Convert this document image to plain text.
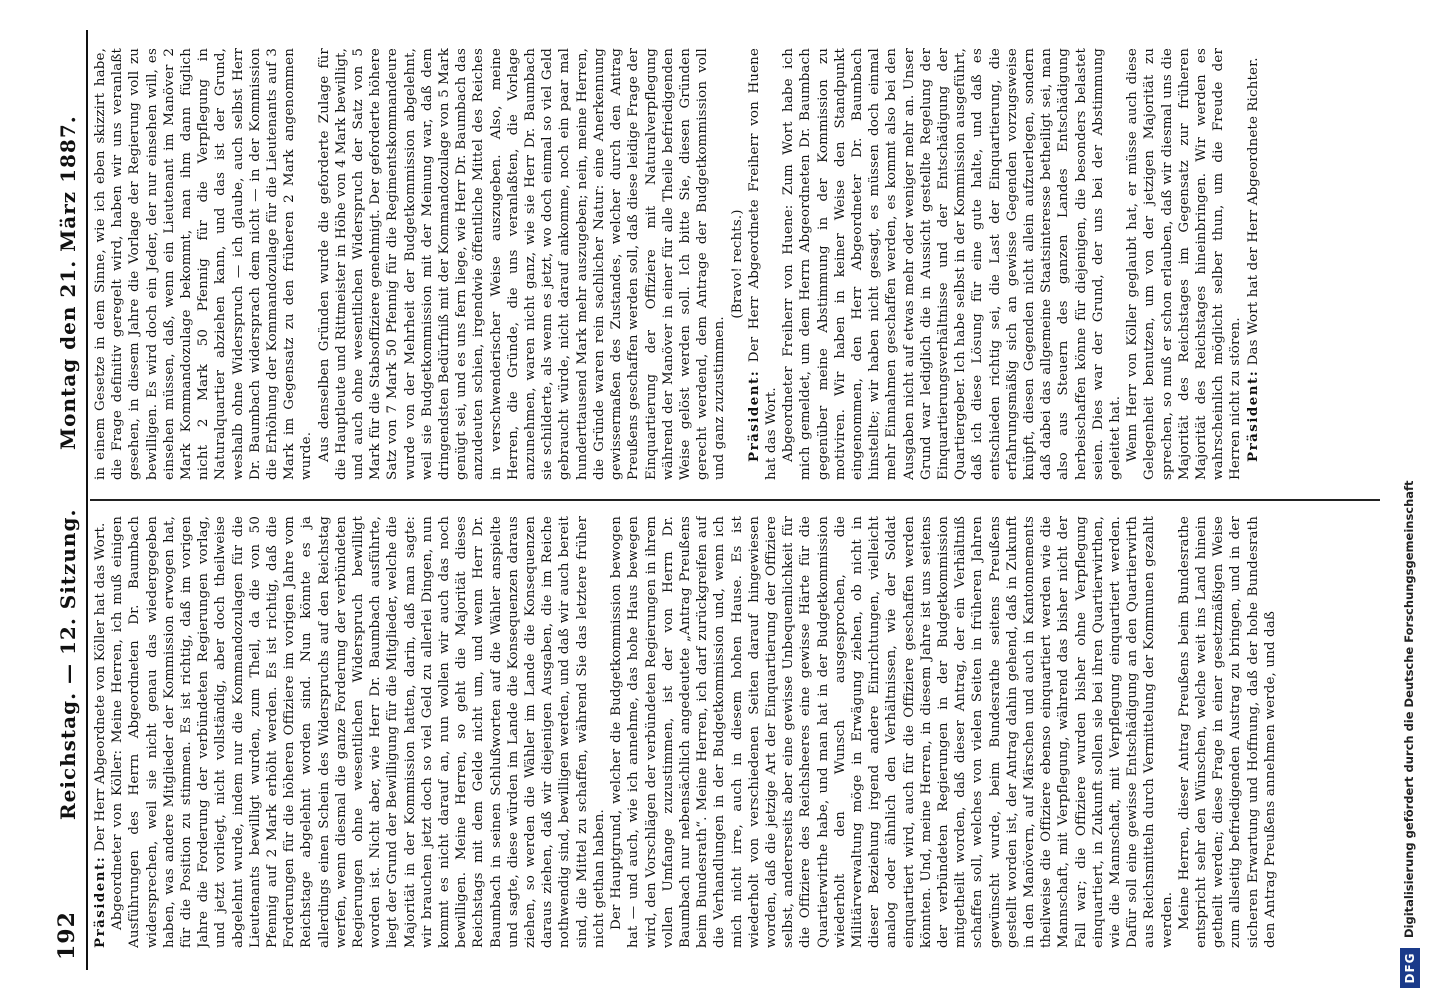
192
Reichstag. — 12. Sitzung.
Montag den 21. März 1887.

Präsident: Der Herr Abgeordnete von Köller hat das Wort. Abgeordneter von Köller: Meine Herren, ich muß einigen Ausführungen des Herrn Abgeordneten Dr. Baumbach widersprechen, weil sie nicht genau das wiedergegeben haben, was andere Mitglieder der Kommission erwogen hat, für die Position zu stimmen. Es ist richtig, daß im vorigen Jahre die Forderung der verbündeten Regierungen vorlag, und jetzt vorliegt, nicht vollständig, aber doch theilweise abgelehnt wurde, indem nur die Kommandozulagen für die Lieutenants bewilligt wurden, zum Theil, da die von 50 Pfennig auf 2 Mark erhöht werden. Es ist richtig, daß die Forderungen für die höheren Offiziere im vorigen Jahre vom Reichstage abgelehnt worden sind. Nun könnte es ja allerdings einen Schein des Widerspruchs auf den Reichstag werfen, wenn diesmal die ganze Forderung der verbündeten Regierungen ohne wesentlichen Widerspruch bewilligt worden ist. Nicht aber, wie Herr Dr. Baumbach ausführte, liegt der Grund der Bewilligung für die Mitglieder, welche die Majorität in der Kommission hatten, darin, daß man sagte: wir brauchen jetzt doch so viel Geld zu allerlei Dingen, nun kommt es nicht darauf an, nun wollen wir auch das noch bewilligen. Meine Herren, so geht die Majorität dieses Reichstags mit dem Gelde nicht um, und wenn Herr Dr. Baumbach in seinen Schlußworten auf die Wähler anspielte und sagte, diese würden im Lande die Konsequenzen daraus ziehen, so werden die Wähler im Lande die Konsequenzen daraus ziehen, daß wir diejenigen Ausgaben, die im Reiche nothwendig sind, bewilligen werden, und daß wir auch bereit sind, die Mittel zu schaffen, während Sie das letztere früher nicht gethan haben. Der Hauptgrund, welcher die Budgetkommission bewogen hat — und auch, wie ich annehme, das hohe Haus bewegen wird, den Vorschlägen der verbündeten Regierungen in ihrem vollen Umfange zuzustimmen, ist der von Herrn Dr. Baumbach nur nebensächlich angedeutete „Antrag Preußens beim Bundesrath“. Meine Herren, ich darf zurückgreifen auf die Verhandlungen in der Budgetkommission und, wenn ich mich nicht irre, auch in diesem hohen Hause. Es ist wiederholt von verschiedenen Seiten darauf hingewiesen worden, daß die jetzige Art der Einquartierung der Offiziere selbst, andererseits aber eine gewisse Unbequemlichkeit für die Offiziere des Reichsheeres eine gewisse Härte für die Quartierwirthe habe, und man hat in der Budgetkommission wiederholt den Wunsch ausgesprochen, die Militärverwaltung möge in Erwägung ziehen, ob nicht in dieser Beziehung irgend andere Einrichtungen, vielleicht analog oder ähnlich den Verhältnissen, wie der Soldat einquartiert wird, auch für die Offiziere geschaffen werden könnten. Und, meine Herren, in diesem Jahre ist uns seitens der verbündeten Regierungen in der Budgetkommission mitgetheilt worden, daß dieser Antrag, der ein Verhältniß schaffen soll, welches von vielen Seiten in früheren Jahren gewünscht wurde, beim Bundesrathe seitens Preußens gestellt worden ist, der Antrag dahin gehend, daß in Zukunft in den Manövern, auf Märschen und auch in Kantonnements theilweise die Offiziere ebenso einquartiert werden wie die Mannschaft, mit Verpflegung, während das bisher nicht der Fall war; die Offiziere wurden bisher ohne Verpflegung einquartiert, in Zukunft sollen sie bei ihren Quartierwirthen, wie die Mannschaft, mit Verpflegung einquartiert werden. Dafür soll eine gewisse Entschädigung an den Quartierwirth aus Reichsmitteln durch Vermittelung der Kommunen gezahlt werden. Meine Herren, dieser Antrag Preußens beim Bundesrathe entspricht sehr den Wünschen, welche weit ins Land hinein getheilt werden; diese Frage in einer gesetzmäßigen Weise zum allseitig befriedigenden Austrag zu bringen, und in der sicheren Erwartung und Hoffnung, daß der hohe Bundesrath den Antrag Preußens annehmen werde, und daß

in einem Gesetze in dem Sinne, wie ich eben skizzirt habe, die Frage definitiv geregelt wird, haben wir uns veranlaßt gesehen, in diesem Jahre die Vorlage der Regierung voll zu bewilligen. Es wird doch ein Jeder, der nur einsehen will, es einsehen müssen, daß, wenn ein Lieutenant im Manöver 2 Mark Kommandozulage bekommt, man ihm dann füglich nicht 2 Mark 50 Pfennig für die Verpflegung in Naturalquartier abziehen kann, und das ist der Grund, weshalb ohne Widerspruch — ich glaube, auch selbst Herr Dr. Baumbach widersprach dem nicht — in der Kommission die Erhöhung der Kommandozulage für die Lieutenants auf 3 Mark im Gegensatz zu den früheren 2 Mark angenommen wurde. Aus denselben Gründen wurde die geforderte Zulage für die Hauptleute und Rittmeister in Höhe von 4 Mark bewilligt, und auch ohne wesentlichen Widerspruch der Satz von 5 Mark für die Stabsoffiziere genehmigt. Der geforderte höhere Satz von 7 Mark 50 Pfennig für die Regimentskommandeure wurde von der Mehrheit der Budgetkommission abgelehnt, weil sie Budgetkommission mit der Meinung war, daß dem dringendsten Bedürfniß mit der Kommandozulage von 5 Mark genügt sei, und es uns fern liege, wie Herr Dr. Baumbach das anzudeuten schien, irgendwie öffentliche Mittel des Reiches in verschwenderischer Weise auszugeben. Also, meine Herren, die Gründe, die uns veranlaßten, die Vorlage anzunehmen, waren nicht ganz, wie sie Herr Dr. Baumbach sie schilderte, als wenn es jetzt, wo doch einmal so viel Geld gebraucht würde, nicht darauf ankomme, noch ein paar mal hunderttausend Mark mehr auszugeben; nein, meine Herren, die Gründe waren rein sachlicher Natur: eine Anerkennung gewissermaßen des Zustandes, welcher durch den Antrag Preußens geschaffen werden soll, daß diese leidige Frage der Einquartierung der Offiziere mit Naturalverpflegung während der Manöver in einer für alle Theile befriedigenden Weise gelöst werden soll. Ich bitte Sie, diesen Gründen gerecht werdend, dem Antrage der Budgetkommission voll und ganz zuzustimmen.

(Bravo! rechts.)

Präsident: Der Herr Abgeordnete Freiherr von Huene hat das Wort. Abgeordneter Freiherr von Huene: Zum Wort habe ich mich gemeldet, um dem Herrn Abgeordneten Dr. Baumbach gegenüber meine Abstimmung in der Kommission zu motiviren. Wir haben in keiner Weise den Standpunkt eingenommen, den Herr Abgeordneter Dr. Baumbach hinstellte; wir haben nicht gesagt, es müssen doch einmal mehr Einnahmen geschaffen werden, es kommt also bei den Ausgaben nicht auf etwas mehr oder weniger mehr an. Unser Grund war lediglich die in Aussicht gestellte Regelung der Einquartierungsverhältnisse und der Entschädigung der Quartiergeber. Ich habe selbst in der Kommission ausgeführt, daß ich diese Lösung für eine gute halte, und daß es entschieden richtig sei, die Last der Einquartierung, die erfahrungsmäßig sich an gewisse Gegenden vorzugsweise knüpft, diesen Gegenden nicht allein aufzuerlegen, sondern daß dabei das allgemeine Staatsinteresse betheiligt sei, man also aus Steuern des ganzen Landes Entschädigung herbeischaffen könne für diejenigen, die besonders belastet seien. Dies war der Grund, der uns bei der Abstimmung geleitet hat. Wenn Herr von Köller geglaubt hat, er müsse auch diese Gelegenheit benutzen, um von der jetzigen Majorität zu sprechen, so muß er schon erlauben, daß wir diesmal uns die Majorität des Reichstages im Gegensatz zur früheren Majorität des Reichstages hineinbringen. Wir werden es wahrscheinlich möglicht selber thun, um die Freude der Herren nicht zu stören. Präsident: Das Wort hat der Herr Abgeordnete Richter.

DFG
Digitalisierung gefördert durch die Deutsche Forschungsgemeinschaft
